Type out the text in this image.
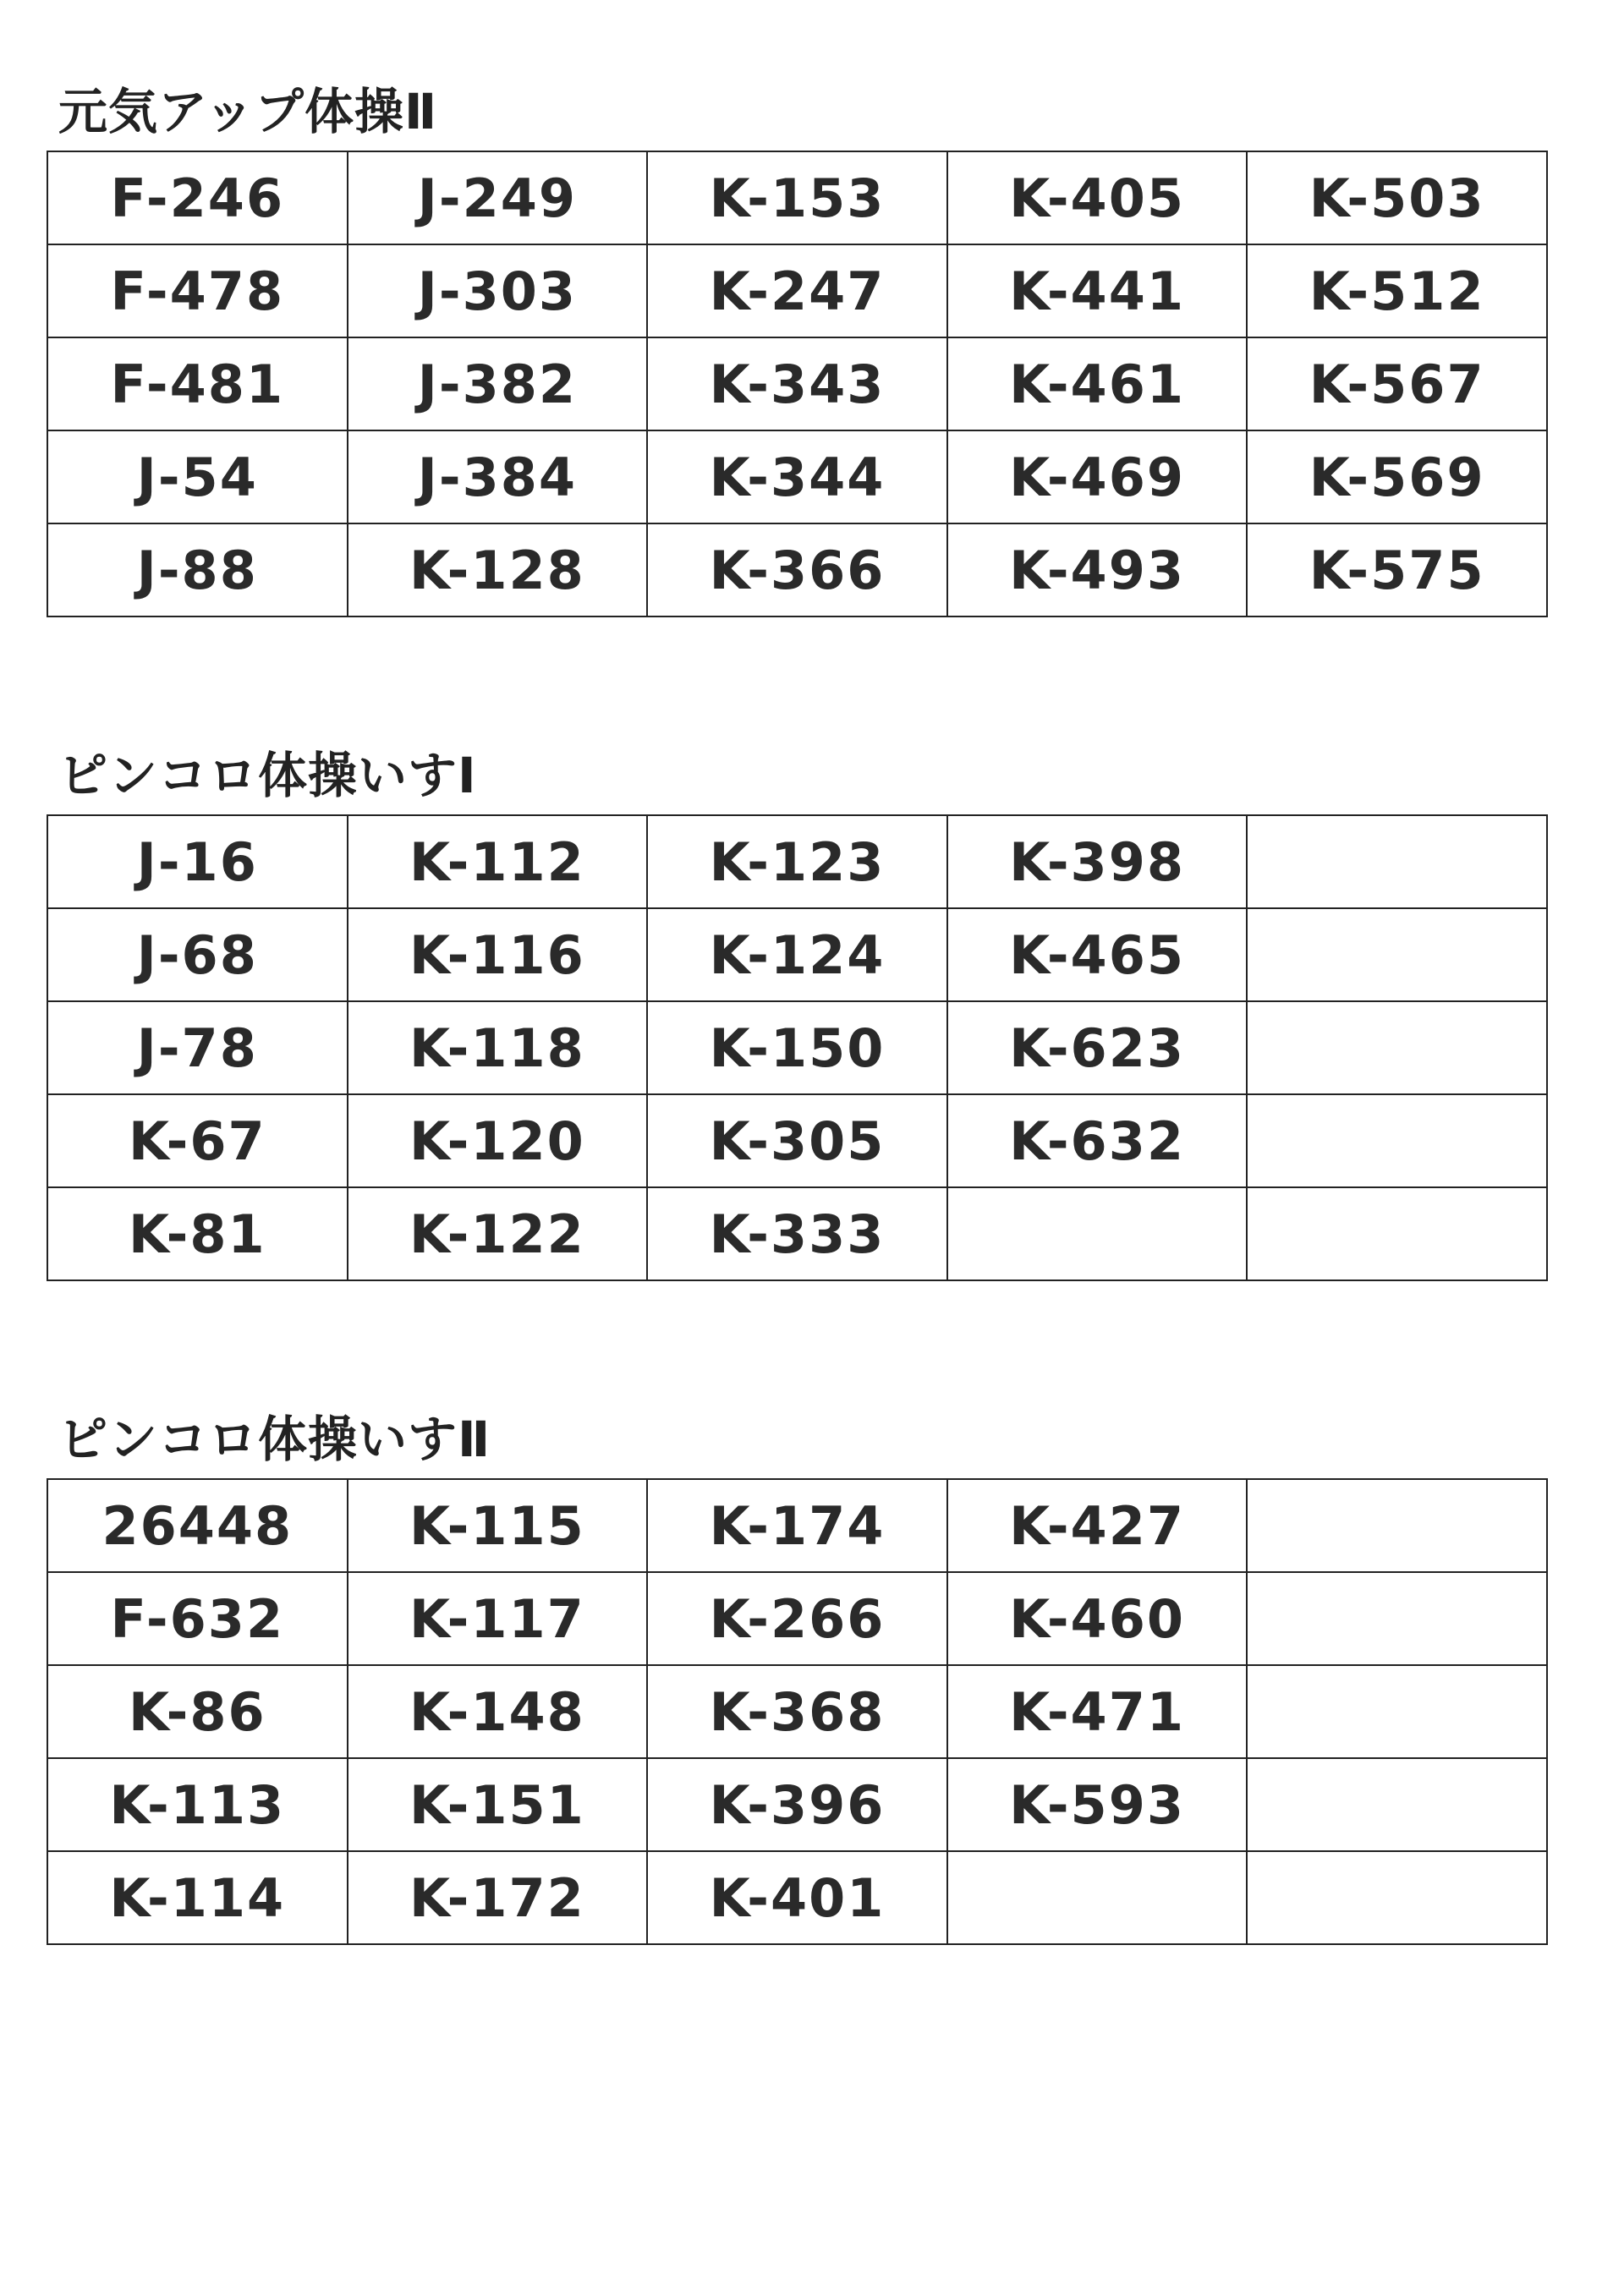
元気アップ体操Ⅱ
F-246	J-249	K-153	K-405	K-503
F-478	J-303	K-247	K-441	K-512
F-481	J-382	K-343	K-461	K-567
J-54	J-384	K-344	K-469	K-569
J-88	K-128	K-366	K-493	K-575
ピンコロ体操いすⅠ
J-16	K-112	K-123	K-398	
J-68	K-116	K-124	K-465	
J-78	K-118	K-150	K-623	
K-67	K-120	K-305	K-632	
K-81	K-122	K-333		
ピンコロ体操いすⅡ
26448	K-115	K-174	K-427	
F-632	K-117	K-266	K-460	
K-86	K-148	K-368	K-471	
K-113	K-151	K-396	K-593	
K-114	K-172	K-401		
